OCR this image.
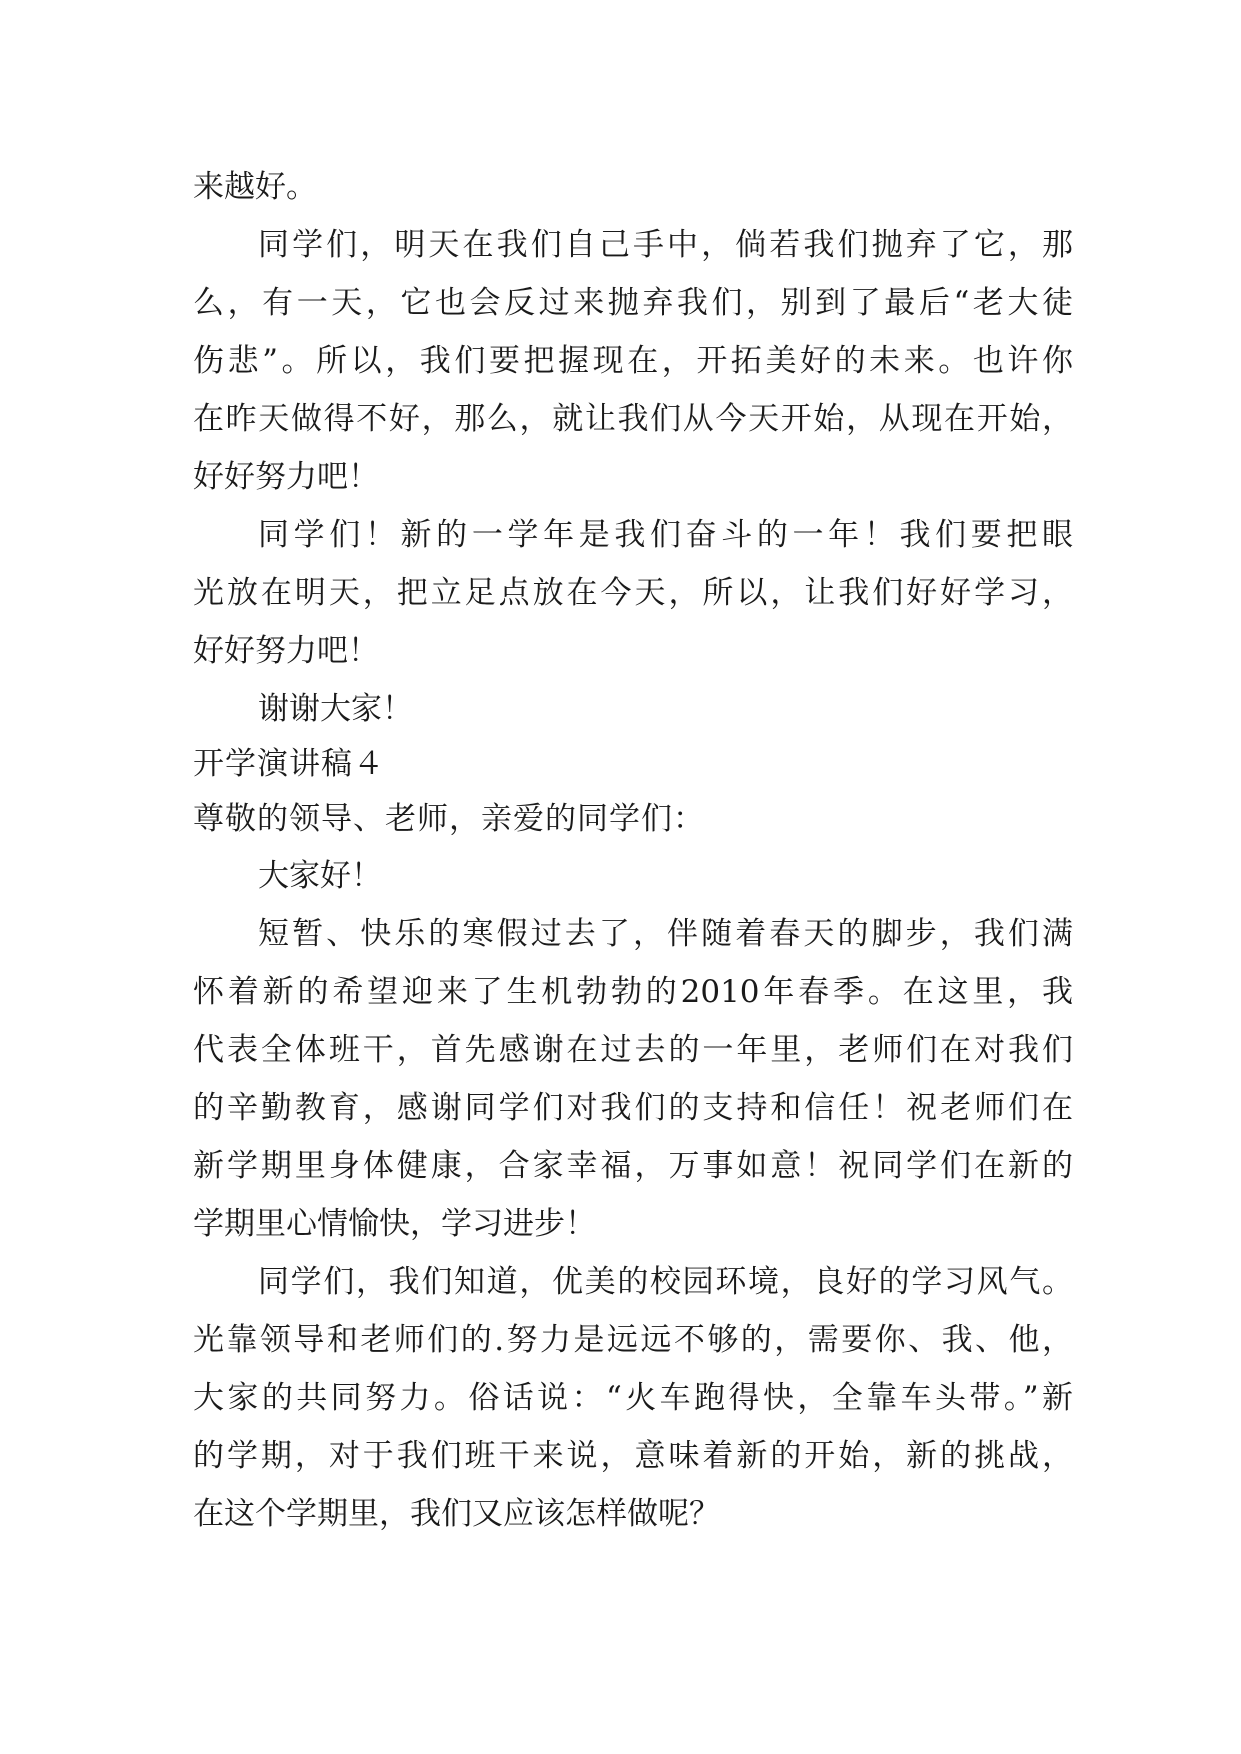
来越好。
同学们，明天在我们自己手中，倘若我们抛弃了它，那
么，有一天，它也会反过来抛弃我们，别到了最后“老大徒
伤悲”。所以，我们要把握现在，开拓美好的未来。也许你
在昨天做得不好，那么，就让我们从今天开始，从现在开始，
好好努力吧！
同学们！新的一学年是我们奋斗的一年！我们要把眼
光放在明天，把立足点放在今天，所以，让我们好好学习，
好好努力吧！
谢谢大家！
开学演讲稿４
尊敬的领导、老师，亲爱的同学们：
大家好！
短暂、快乐的寒假过去了，伴随着春天的脚步，我们满
怀着新的希望迎来了生机勃勃的2010年春季。在这里，我
代表全体班干，首先感谢在过去的一年里，老师们在对我们
的辛勤教育，感谢同学们对我们的支持和信任！祝老师们在
新学期里身体健康，合家幸福，万事如意！祝同学们在新的
学期里心情愉快，学习进步！
同学们，我们知道，优美的校园环境，良好的学习风气。
光靠领导和老师们的.努力是远远不够的，需要你、我、他，
大家的共同努力。俗话说：“火车跑得快，全靠车头带。”新
的学期，对于我们班干来说，意味着新的开始，新的挑战，
在这个学期里，我们又应该怎样做呢？
